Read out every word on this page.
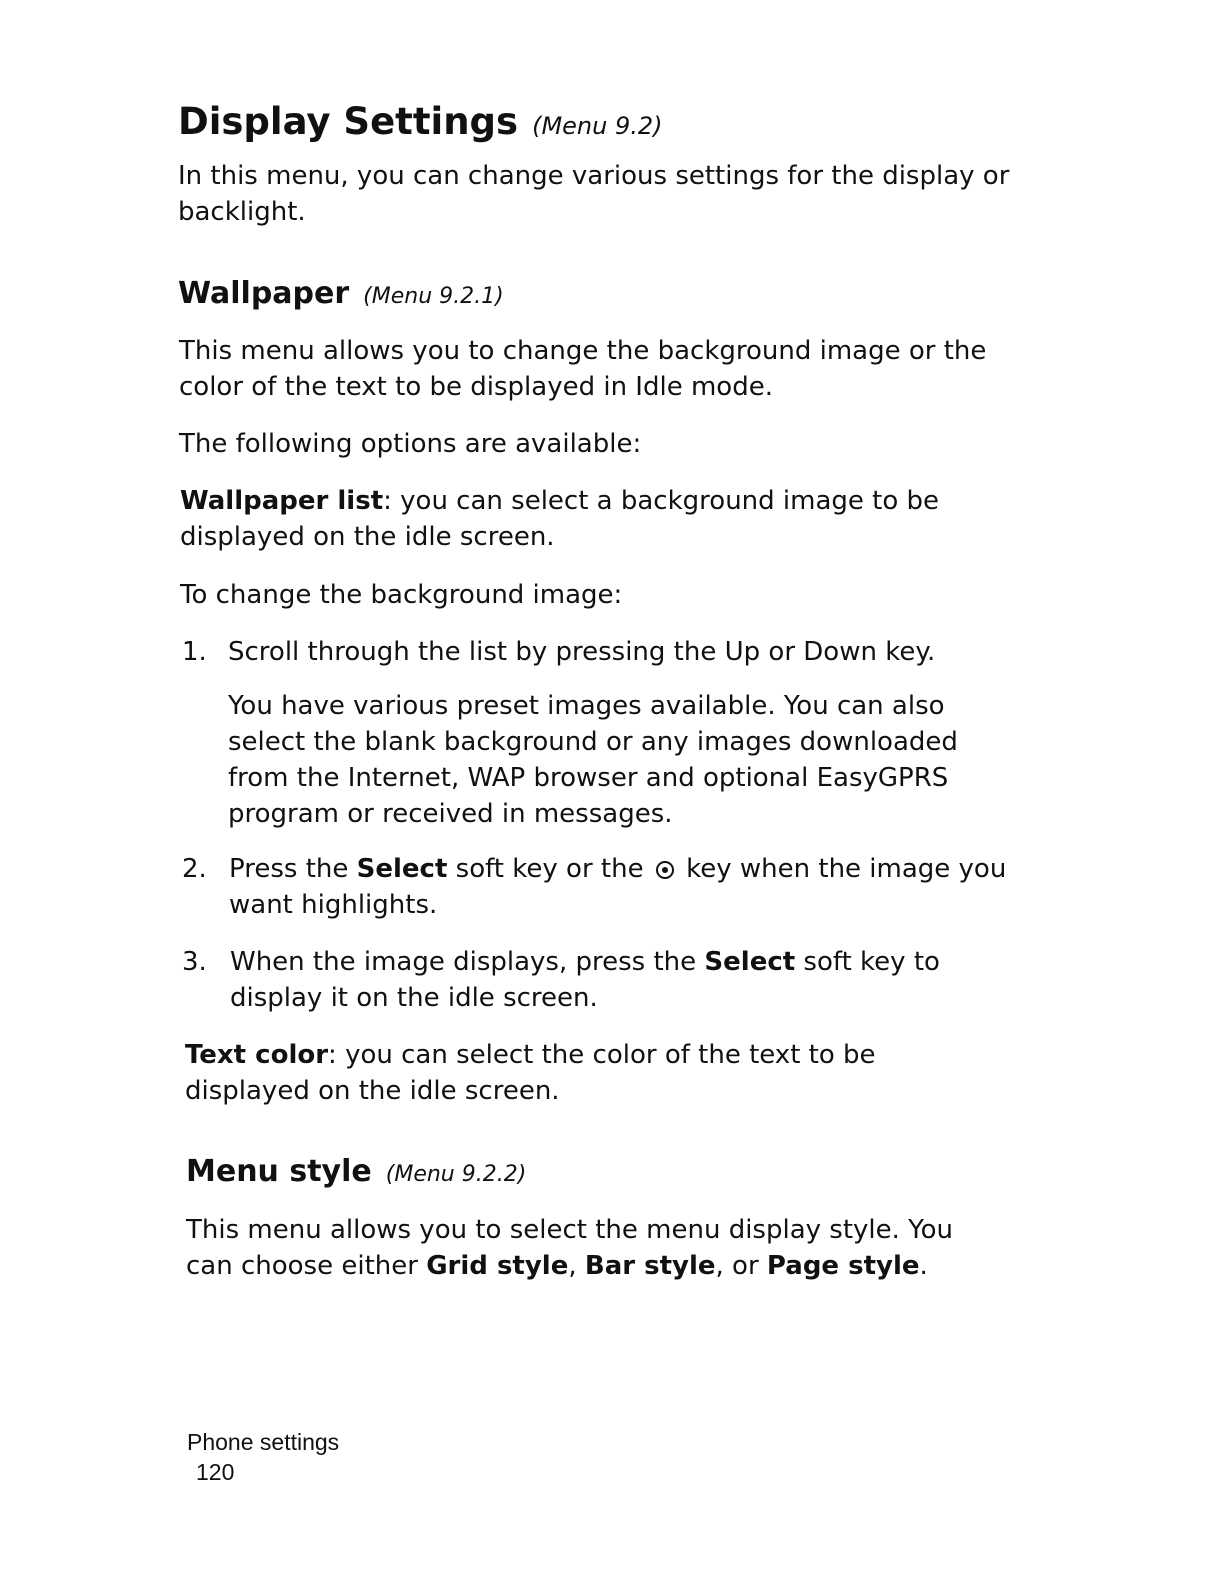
Display Settings (Menu 9.2)

In this menu, you can change various settings for the display or backlight.

Wallpaper (Menu 9.2.1)

This menu allows you to change the background image or the color of the text to be displayed in Idle mode.

The following options are available:

Wallpaper list: you can select a background image to be displayed on the idle screen.

To change the background image:

1. Scroll through the list by pressing the Up or Down key.

You have various preset images available. You can also select the blank background or any images downloaded from the Internet, WAP browser and optional EasyGPRS program or received in messages.

2. Press the Select soft key or the  key when the image you want highlights.

3. When the image displays, press the Select soft key to display it on the idle screen.

Text color: you can select the color of the text to be displayed on the idle screen.

Menu style (Menu 9.2.2)

This menu allows you to select the menu display style. You can choose either Grid style, Bar style, or Page style.

Phone settings
120
